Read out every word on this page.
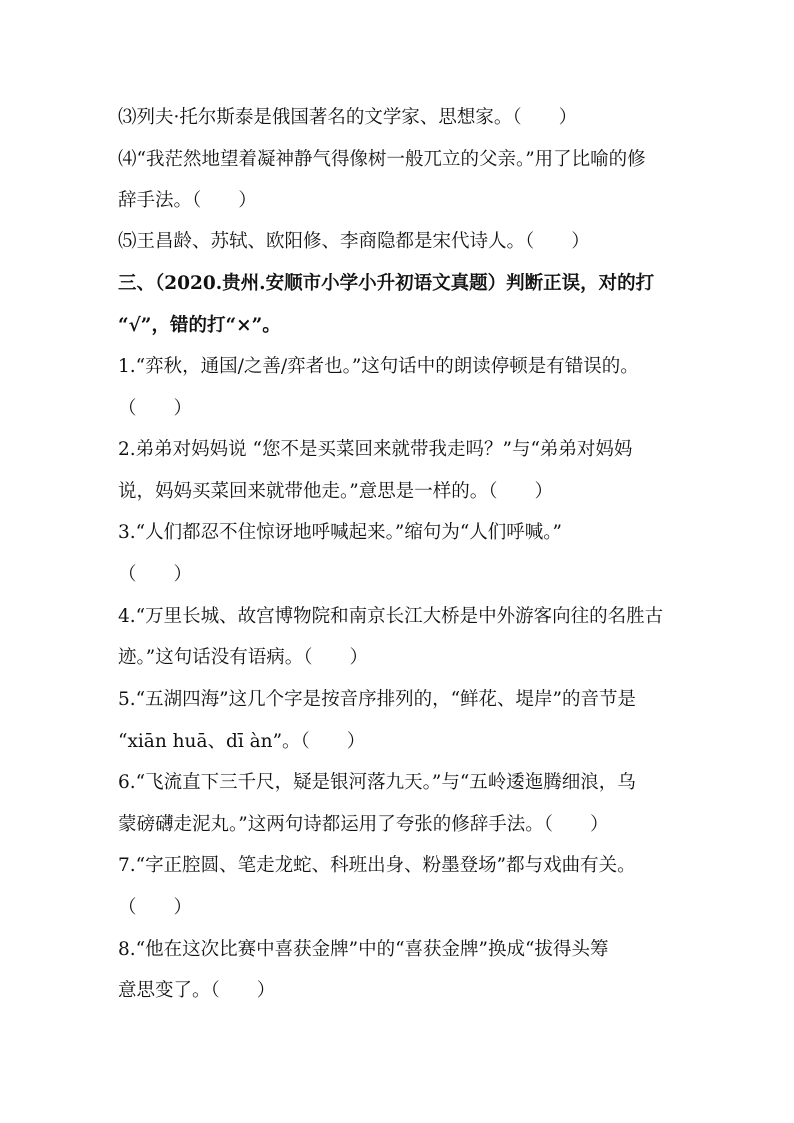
⑶列夫·托尔斯泰是俄国著名的文学家、思想家。（　　）
⑷“我茫然地望着凝神静气得像树一般兀立的父亲。”用了比喻的修
辞手法。（　　）
⑸王昌龄、苏轼、欧阳修、李商隐都是宋代诗人。（　　）
三、（2020.贵州.安顺市小学小升初语文真题）判断正误，对的打
“√”，错的打“×”。
1.“弈秋，通国/之善/弈者也。”这句话中的朗读停顿是有错误的。
（　　）
2.弟弟对妈妈说 “您不是买菜回来就带我走吗？”与“弟弟对妈妈
说，妈妈买菜回来就带他走。”意思是一样的。（　　）
3.“人们都忍不住惊讶地呼喊起来。”缩句为“人们呼喊。”
（　　）
4.“万里长城、故宫博物院和南京长江大桥是中外游客向往的名胜古
迹。”这句话没有语病。（　　）
5.“五湖四海”这几个字是按音序排列的，“鲜花、堤岸”的音节是
“xiān huā、dī àn”。（　　）
6.“飞流直下三千尺，疑是银河落九天。”与“五岭逶迤腾细浪，乌
蒙磅礴走泥丸。”这两句诗都运用了夸张的修辞手法。（　　）
7.“字正腔圆、笔走龙蛇、科班出身、粉墨登场”都与戏曲有关。
（　　）
8.“他在这次比赛中喜获金牌”中的“喜获金牌”换成“拔得头筹
意思变了。（　　）
